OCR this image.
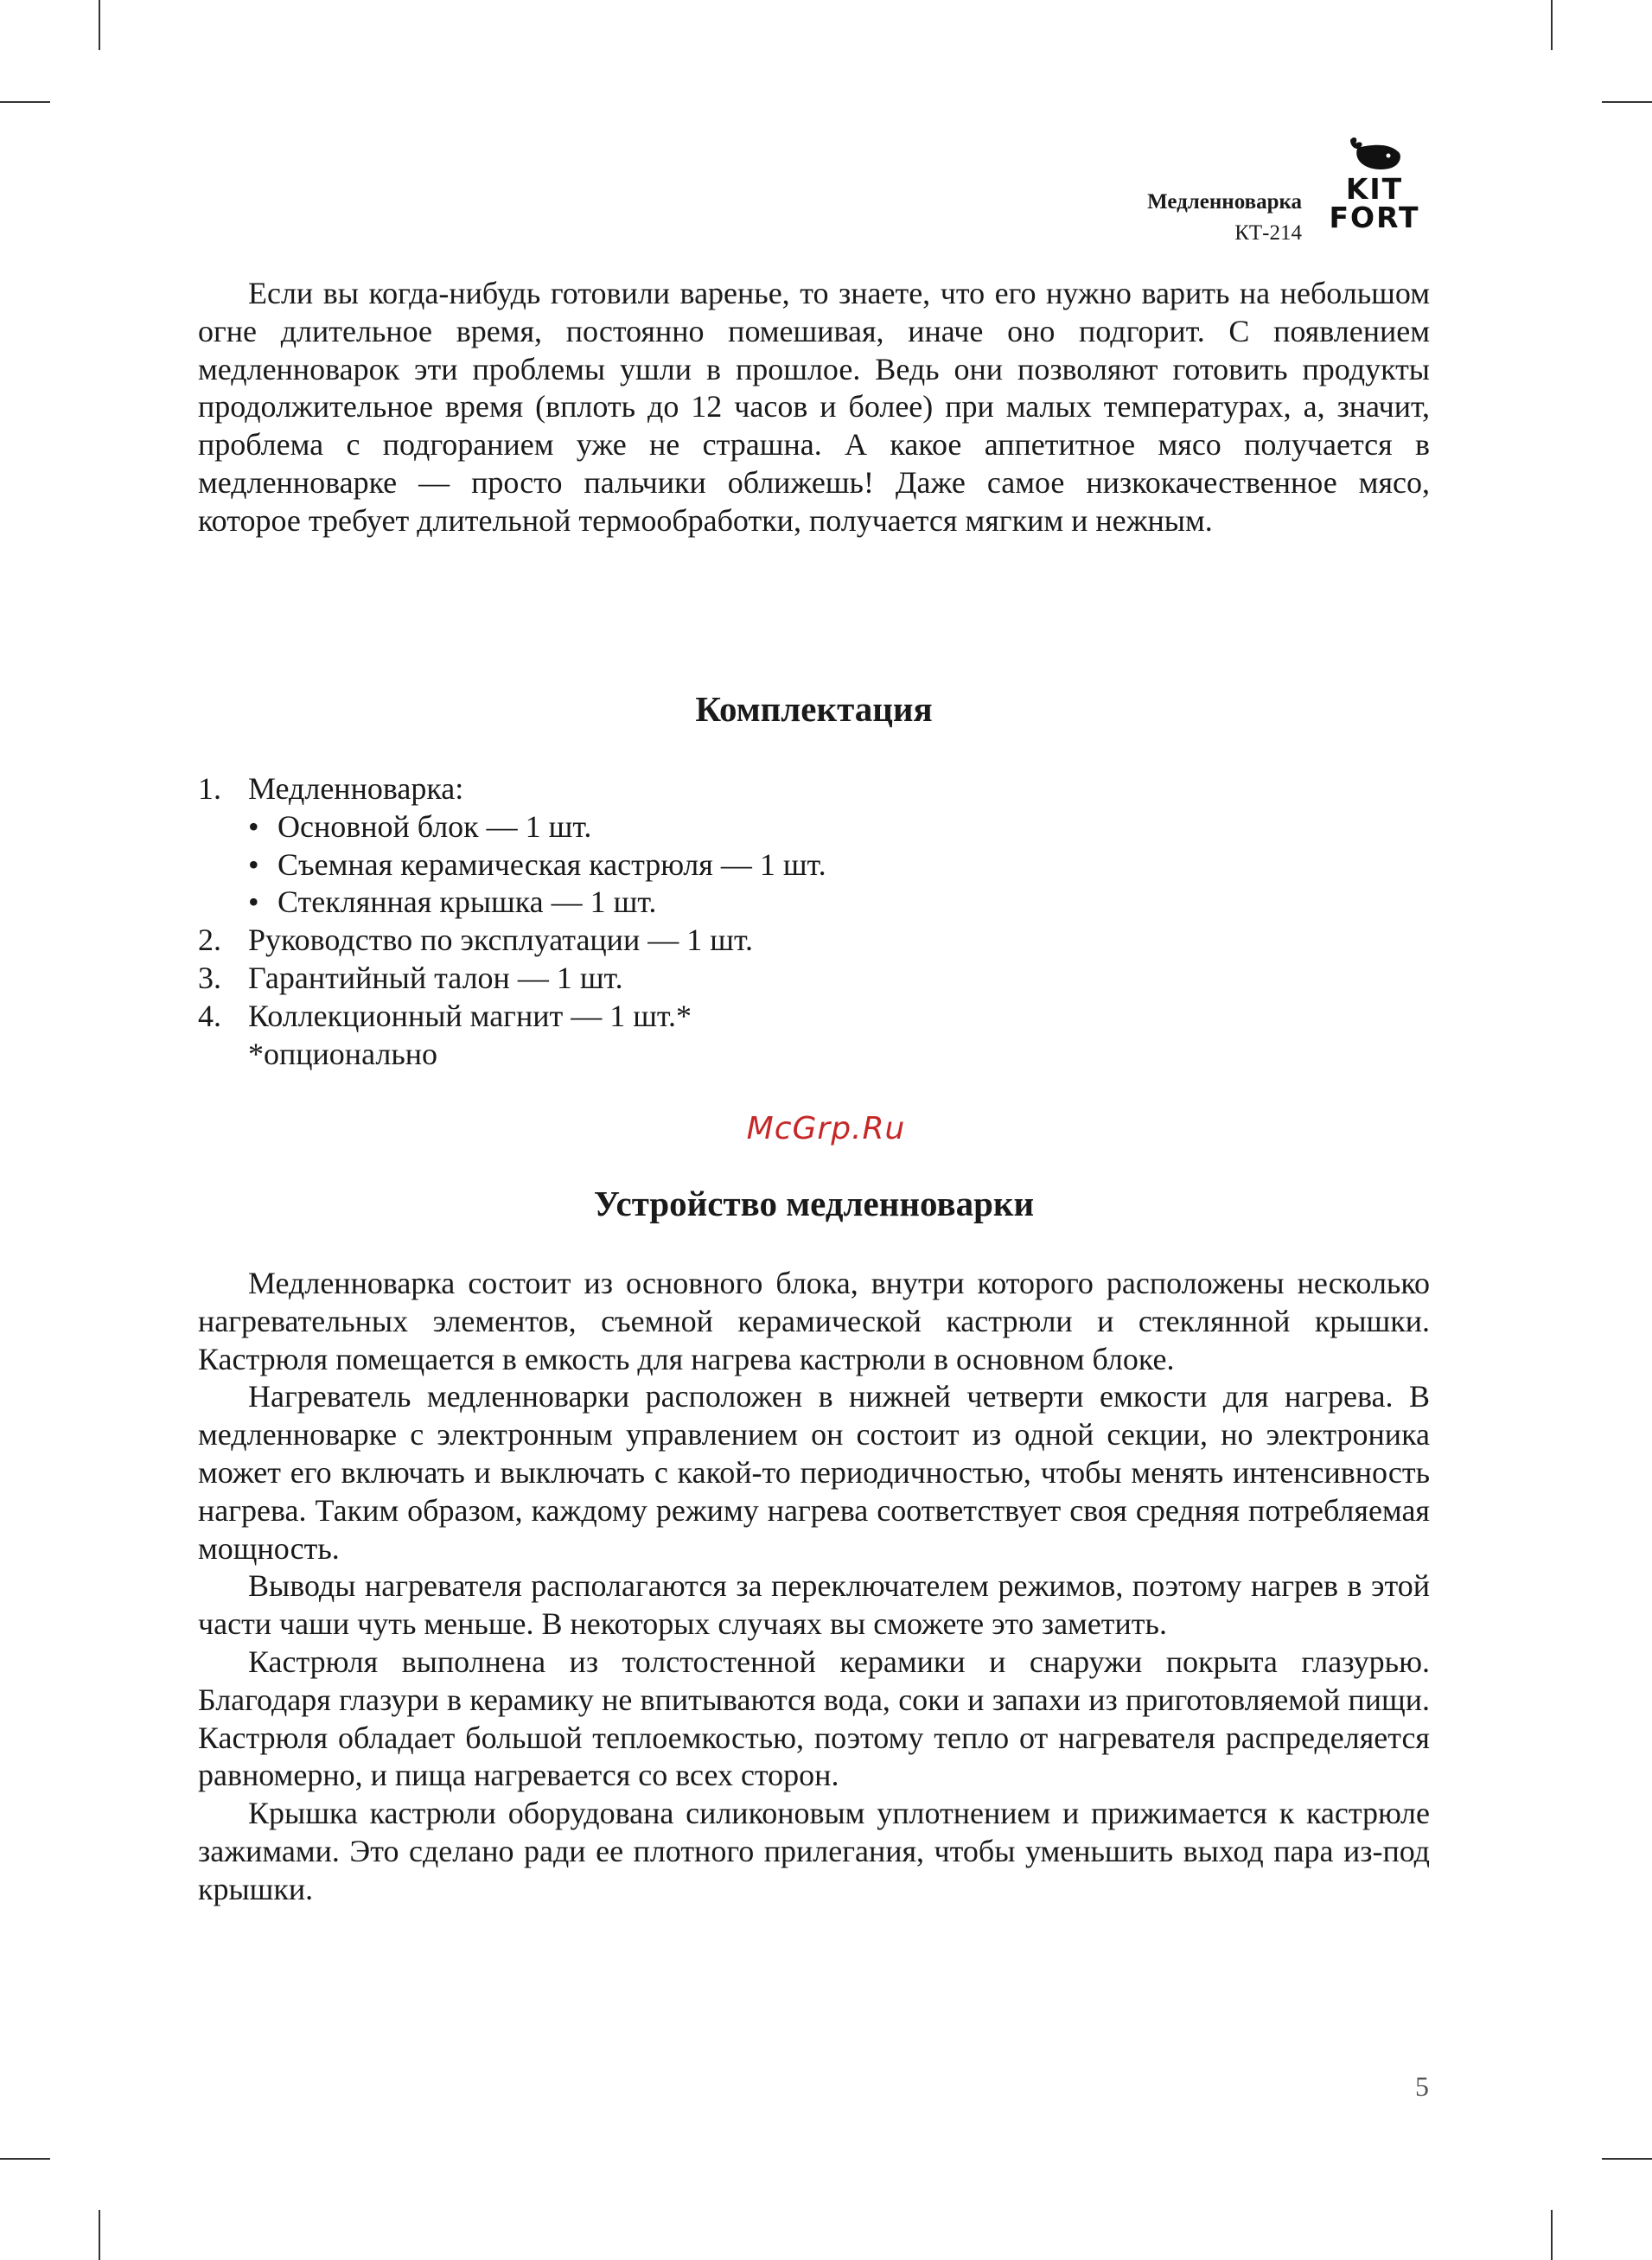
Медленноварка
КТ-214
KIT
FORT

Если вы когда-нибудь готовили варенье, то знаете, что его нужно варить на небольшом огне длительное время, постоянно помешивая, иначе оно подгорит. С появлением медленноварок эти проблемы ушли в прошлое. Ведь они позволяют готовить продукты продолжительное время (вплоть до 12 часов и более) при малых температурах, а, значит, проблема с подгоранием уже не страшна. А какое аппетитное мясо получается в медленноварке — просто пальчики оближешь! Даже самое низкокачественное мясо, которое требует длительной термообработки, получается мягким и нежным.

Комплектация
1. Медленноварка:
• Основной блок — 1 шт.
• Съемная керамическая кастрюля — 1 шт.
• Стеклянная крышка — 1 шт.
2. Руководство по эксплуатации — 1 шт.
3. Гарантийный талон — 1 шт.
4. Коллекционный магнит — 1 шт.*
*опционально
McGrp.Ru
Устройство медленноварки

Медленноварка состоит из основного блока, внутри которого расположены несколько нагревательных элементов, съемной керамической кастрюли и стеклянной крышки. Кастрюля помещается в емкость для нагрева кастрюли в основном блоке.

Нагреватель медленноварки расположен в нижней четверти емкости для нагрева. В медленноварке с электронным управлением он состоит из одной секции, но электроника может его включать и выключать с какой-то периодичностью, чтобы менять интенсивность нагрева. Таким образом, каждому режиму нагрева соответствует своя средняя потребляемая мощность.

Выводы нагревателя располагаются за переключателем режимов, поэтому нагрев в этой части чаши чуть меньше. В некоторых случаях вы сможете это заметить.

Кастрюля выполнена из толстостенной керамики и снаружи покрыта глазурью. Благодаря глазури в керамику не впитываются вода, соки и запахи из приготовляемой пищи. Кастрюля обладает большой теплоемкостью, поэтому тепло от нагревателя распределяется равномерно, и пища нагревается со всех сторон.

Крышка кастрюли оборудована силиконовым уплотнением и прижимается к кастрюле зажимами. Это сделано ради ее плотного прилегания, чтобы уменьшить выход пара из-под крышки.

5
